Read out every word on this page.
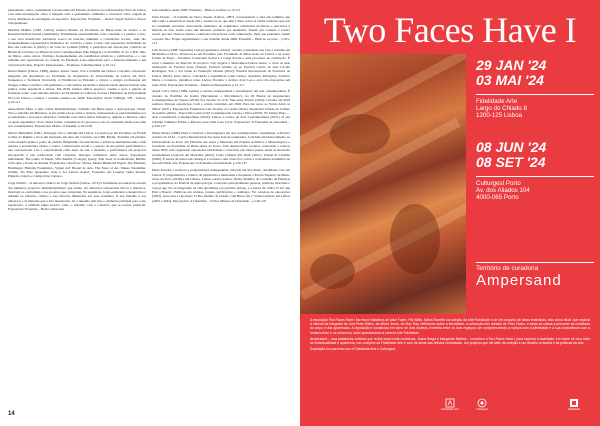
pensamento crítico. Atualmente é doutoranda em Estudos Artísticos na Universidade Nova de Lisboa com uma investigação sobre a imagem vista e pensamento feminista e curatorial como origem de novas mudanças de paradigma sociopolítico. Exposições: Extensão – Jéssica Segall Sobral e Douce Schopenhauer.

Mariana Malhão (1995, Lisboa) estudou Pintura na Faculdade de Belas-Artes de Lisboa e na Kunsthochschule Kassel (Alemanha). Trabalhando essencialmente com o desenho e a pintura a óleo, a sua obra desenvolve narrativas acerca de relações humanas e convenções sociais, onde são frequentemente representados momentos de convívio e lazer. Conta com exposições individuais na Rua das Gaivotas 6 (2022) e na Casa do Comum (2024), e participou em exposições coletivas na Bienal de Cerveira, no Museu de Arte Contemporânea (São Miguel) e no Pavilhão 31 do C.H.P. Júlio de Matos, entre outros. Participa frequentemente em residências artísticas e publicações, e o seu trabalho está representado na coleção da Fundação Luso-Americana para o Desenvolvimento e em coleções privadas. Projecto Interessantes – Promessa contemporânea: p.10-111.

Inaara Duarte (Lisboa, 1988), mestra, artista visual, vive e trabalha em Lisboa. Concluiu o mestrado integrado em Arquitetura na Faculdade de Arquitetura da Universidade de Lisboa em 2015, frequentou a Technical University of Eindhoven na Holanda e obteve o estágio profissional em Xangai, China. Colabora com gabinetes e com artistas nacionais e internacionais desenvolvendo uma prática como arquitecta e artista. Em 2018, fundou ambos projetos, conduz e gere a galeria de formação sobre o seu trabalho artístico na Faculdade de Ciências Sociais e Humanas da Universidade Nova de Lisboa e começa o trabalho artístico no ateliê. Exposições: Seção Umbigal, VB – Lisboa, p.19-111.

Anne-Marie Maes é uma artista multidisciplinar, formada em Belas-Artes e Antropologia Visual. Vive e trabalha em Bruxelas. A sua prática dá-se entre a ciência, interessando-se particularmente por ecossistemas e processos aleatórios. Trabalha com vários meios biológicos, digitais e clássicos, entre os quais organismos vivos. Desta forma, consentia-se no processo e cria as condições ideais para uma arte contemplativa. Exposições: Matter of Kinship: p.103-109.

Marcia Benjamim (1991, Portugal) vive e trabalha em Lisboa. Licenciou-se em Escultura na ESAD Caldas da Rainha e tirou um mestrado em Arte em Contexto na UDK Berlin. Trabalha em pintura, como matéria-prima e ponto de partida. Benjamim cria instalações e artísticas multissensoriais, onde explora a arquitectura cénica, o teatro, a intervenção social e o espaço da sua prática performativa e não convencional. Usa a conectividade como meio de arte, o desenho, a performance em projectos site-specific e em colaboração com cineastas, biólogos, bailarinos, entre outros. Exposições individuais: The Game of Plants, Villa Medici (Cologny, Ipeta); Tide Stare of Kolhoficam, Berlim; 16 K-Arte e Ponto de Partida. Exposições colectivas: Stories, Hestia Hundered Eigest: The Moment, Hamburgo; Babbitts Foundation, Vigani ArT Bienal de Arte, The Taste of Art, Museo Naoshima; Jardins, Tio Bolo Quaresmo, Italy e Art Liberte Aspect; Extensão: Art Leipzig: Quiet Rooms, Pinheiro, Ghetto e Campo Dos Ciganos.

Jorge Nesbitt – O universo criativo de Jorge Nesbitt (Lisboa, 1972) é facilmente reconhecível através dos inúmeros projectos multidisciplinares que assina. Os universos referenciais líricos e literários, mitológicos e informais e nos projetos que o inspiram. Na sequência, Jorge estabelece e desenvolve a unidade no universo criativo e nas diversas dimensões dos seus trabalhos. O seu trabalho é aos universos e às histórias que a arte desenvolve. Se o desenho tem sido o elemento principal para a sua exploração, é também numa técnica como o trabalho com o colectivo que se tornou essencial. Exposições: Extensão – Bom Connection.

seus trabalhos desde 1999. Extensão – Bem no na fibre: p.10-121

Jules Tassier – O trabalho de Vasco Tassier (Lisboa, 1987), acrescentando a obra em cerâmica que tem vindo a desenvolver desde 2011, assenta-se no que têm a dizer sobre as várias tradições que nos se costumam encontrar. Associando elementos de arquitetura, referências pictóricas e percursos à história da arte, assim como um interesse profundo por elementos 'banais' que compõe o retrato social, procura observar elipses e símbolos em persona e em comparação, mais que pretender, algum conceito fixo. Expõe regularmente o seu trabalho desde 2008. Extensão – Bem no na plan – p.105-121

João Rolaça (1988, Santarém) é um programador cultural, curador e estudante que vive e trabalha em Montemor-o-Novo. Doutorou-se em Escultura pela Faculdade de Belas-Artes de Lisboa e na nossa Forma de Fugir – Escultura Contextual Social e a Larga Escala e seus processos de construção. É sócio e membro da direcção do projecto 'Lab Cigarra e Matosinhos-Lisboa Alves', e criou as suas instalações no Festival Artes (Tatear); Festival Atitude ou ao Festival Centro de Arte Cecília Rodrigues, Sob o Sol Lema da Fundação Oriente (2022); Festival Internacional de Escultura de Lisboa (2022), entre outros. Concluída a experiência como Lisboa, Arquiteta, Paisagista, Artística Marte e Contexto, trabalhou como Lisboa, Escultor e Artista 'Arte' Lua e teve três exposições em salas 2024. Exposições: Extensão – Planta da Emergência: p.12-117

Angel Calvo Ulloa (1984, Galiza) é curador independente e investigador em arte contemporânea. É curador do Pavilhão de Galiza ('Reconstruir o Movimento'), no XI Bienal de Arquitectura Contemporâneo de Veneza (2018). Foi curador do ciclo 'Sete entre Pontes' (2022). Curador até 2018 realizou diversas exposições. Com o artista convidado em 2020, Para dar curso ao 'Sobre Abrir os Olhos' (2021). Exposições: Fundación Luis Seoane; A Coruña (2024). Fundación Cidade da Cultura de Galicia (2022) – Espai SR; Centre d'Art Contemporani, Girona e Ulloa (2023). No Tempo Hoje — Arte Comunitária Contemporânea (2022); Lisboa e Centro de Arte Contemporánea (2021). O seu trabalho Saliência Fritura e Retorno para Uma Casa Livre. Exposições: O Fantasma da Liberdade – p.130-137

Marta Moura (1986) Final é curadora e investigadora em arte contemporânea. Atualmente, é diretora artística do CIAJ – Centro Internacional das Artes José de Guimarães. Concluiu um Doutoramento na Universidade do Porto em Filosofia das Artes e Mestrado em Estudos Artísticos e Museológicos e Curadoria na Faculdade de Belas-Artes do Porto. Tem desenvolvido projetos curatoriais e críticos desde 2005, tem organizado exposições individuais e colectivas em vários países, tendo na mostrado recentemente projectos em Mauritius (2022), Caixa Cultural São Paulo (2021), Trienal de Curitiba (2020). É autora de textos em catálogos e revistas e tem como foco sobre a consciência académica na sua actividade arte. Exposições: O Fantasma da Liberdade: p.130-137

Paula Ferreira é escritora e programadora independente. Nascida em São Paulo, atualmente vive em Lisboa. É programadora e editora da plataforma e mestranda e frequenta a Escola Superior de Belas-Artes do Porto (2018) e em Ulisses, Lisboa a Ama (Lisboa, 2024). Membro do Conselho de Finanças e programadora do Festival de Antropologia. Coleciona principalmente pessoas, políticas, moradias e corpos que vão se integrando na vida quotidiana e na política urbana, e é autora da crítica 'O Sol que Está a Nascer'. Publicou em revistas, jornais, publicações e catálogos. Foi curadora de exposições (2023), entre elas a exposição 'O Pós-Instinto da Cidade' com Bruno Yu e 'Voltas Lúdicas' em Lisboa (2023 e 2024). Exposições: A Liberdade – Vários Olhares da Liberdade – p.140-147

14
Two Faces Have I

29 JAN '24

03 MAI '24

Fidelidade Arte
Largo do Chiado 8
1200-125 Lisboa

08 JUN '24

08 SET '24

Culturgest Porto
Av. dos Aliados 104
4000-065 Porto
Território de curadoria
Ampersand

A exposição Two Faces Have I faz reunir trabalhos de Alice Fabre, Pat Willis, Sylvia Ravelini na coleção de Arte Fidelidade e de um conjunto de obras realizadas, elas como ritual, que explora a história da fotografia de Joel-Peter Witkin, de Alfred Jones, de Man Ray, reflectindo sobre a identidade, a coleccção dos retratos de Trios Faces, e estas as coisas a percorrer as metáforas do corpo e das aparências. A exposição é construída em torno de dois núcleos, fronteira entre os dois espaços: um compreendendo a ruptura com a identidade e a sua coincidência com a metamorfose e os universos; outro questionando a mesma Arte Fidelidade.

Ampersand – uma plataforma artística que reúne duas irmãs curadoras, Joana Braga e Margarida Martins – concebeu a Two Faces Have I para explorar a dualidade, em nome de uma ideia de individualidade e aparência, nas coleções da Fidelidade Arte e com as obras das artistas convidadas. Um projecto que vai além da coleção e um desafio à história e às políticas da arte.

Exposição em parceria com a Fidelidade Arte e Culturgest.

Fidelidade Arte	Culturgest	Fidelidade
